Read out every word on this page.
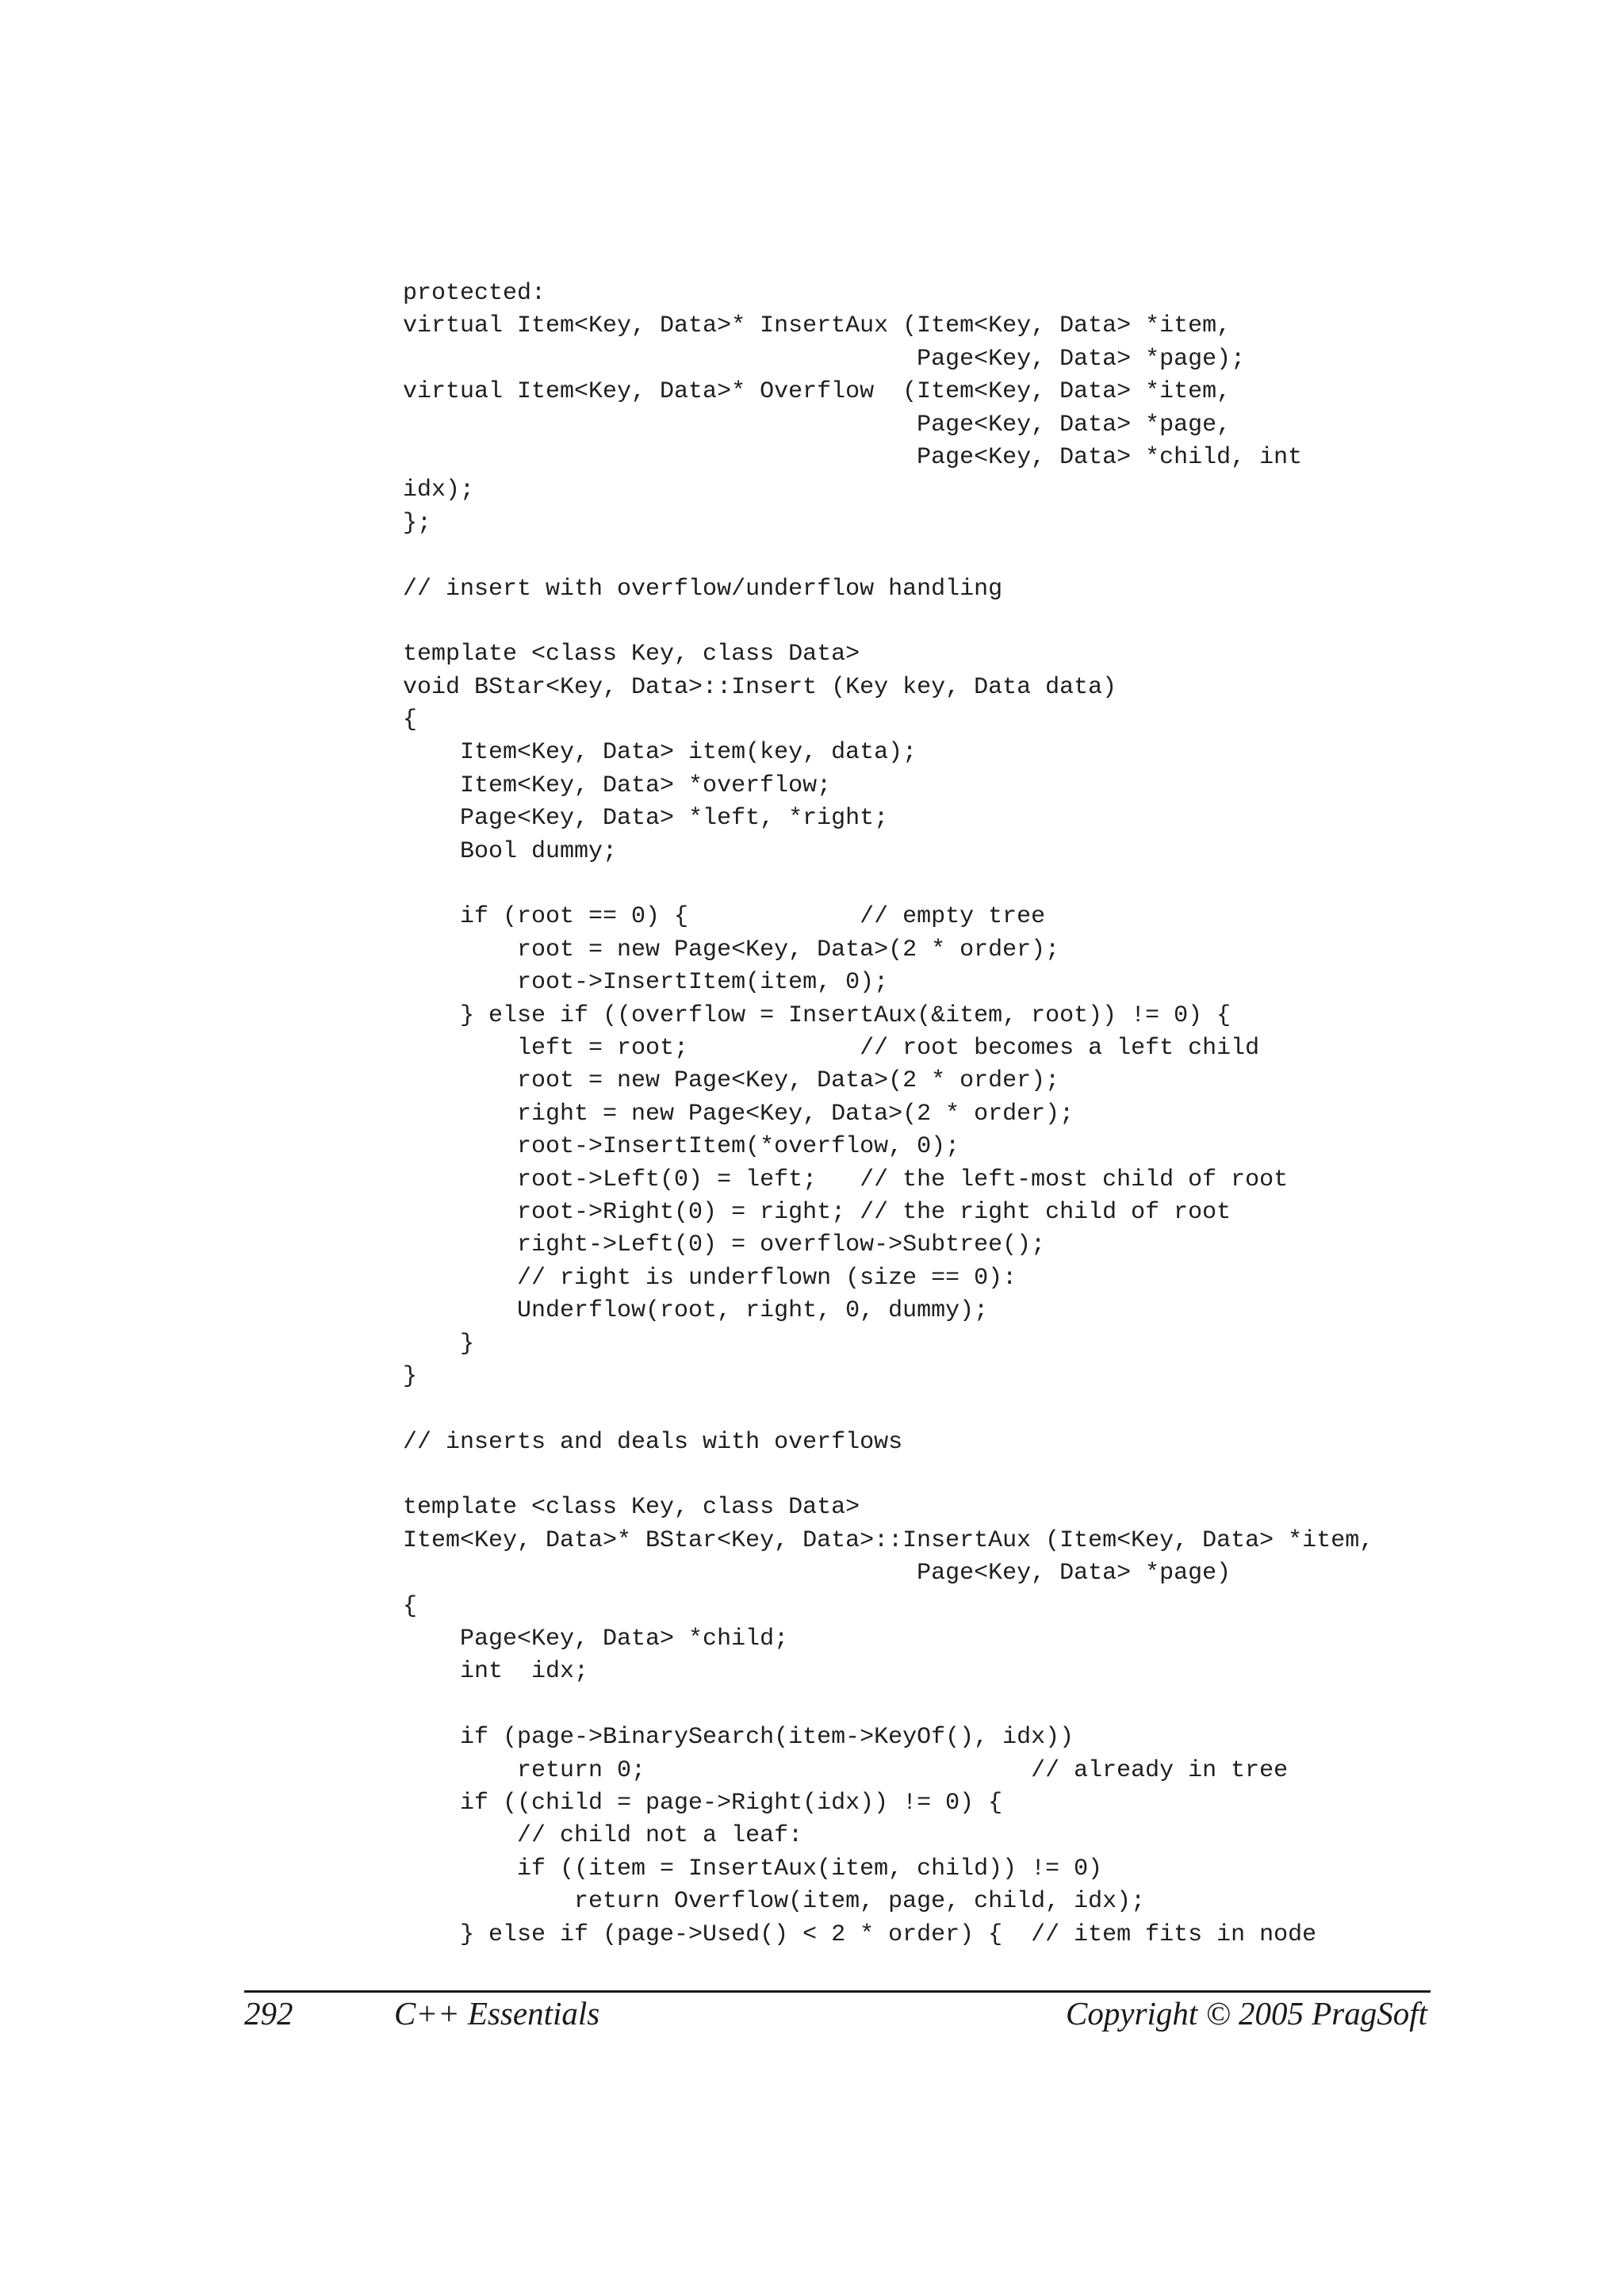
protected:
virtual Item<Key, Data>* InsertAux (Item<Key, Data> *item,
Page<Key, Data> *page);
virtual Item<Key, Data>* Overflow  (Item<Key, Data> *item,
Page<Key, Data> *page,
Page<Key, Data> *child, int
idx);
};
// insert with overflow/underflow handling
template <class Key, class Data>
void BStar<Key, Data>::Insert (Key key, Data data)
{
Item<Key, Data> item(key, data);
Item<Key, Data> *overflow;
Page<Key, Data> *left, *right;
Bool dummy;
if (root == 0) {            // empty tree
root = new Page<Key, Data>(2 * order);
root->InsertItem(item, 0);
} else if ((overflow = InsertAux(&item, root)) != 0) {
left = root;            // root becomes a left child
root = new Page<Key, Data>(2 * order);
right = new Page<Key, Data>(2 * order);
root->InsertItem(*overflow, 0);
root->Left(0) = left;   // the left-most child of root
root->Right(0) = right; // the right child of root
right->Left(0) = overflow->Subtree();
// right is underflown (size == 0):
Underflow(root, right, 0, dummy);
}
}
// inserts and deals with overflows
template <class Key, class Data>
Item<Key, Data>* BStar<Key, Data>::InsertAux (Item<Key, Data> *item,
Page<Key, Data> *page)
{
Page<Key, Data> *child;
int  idx;
if (page->BinarySearch(item->KeyOf(), idx))
return 0;                           // already in tree
if ((child = page->Right(idx)) != 0) {
// child not a leaf:
if ((item = InsertAux(item, child)) != 0)
return Overflow(item, page, child, idx);
} else if (page->Used() < 2 * order) {  // item fits in node
292	C++ Essentials	Copyright © 2005 PragSoft
